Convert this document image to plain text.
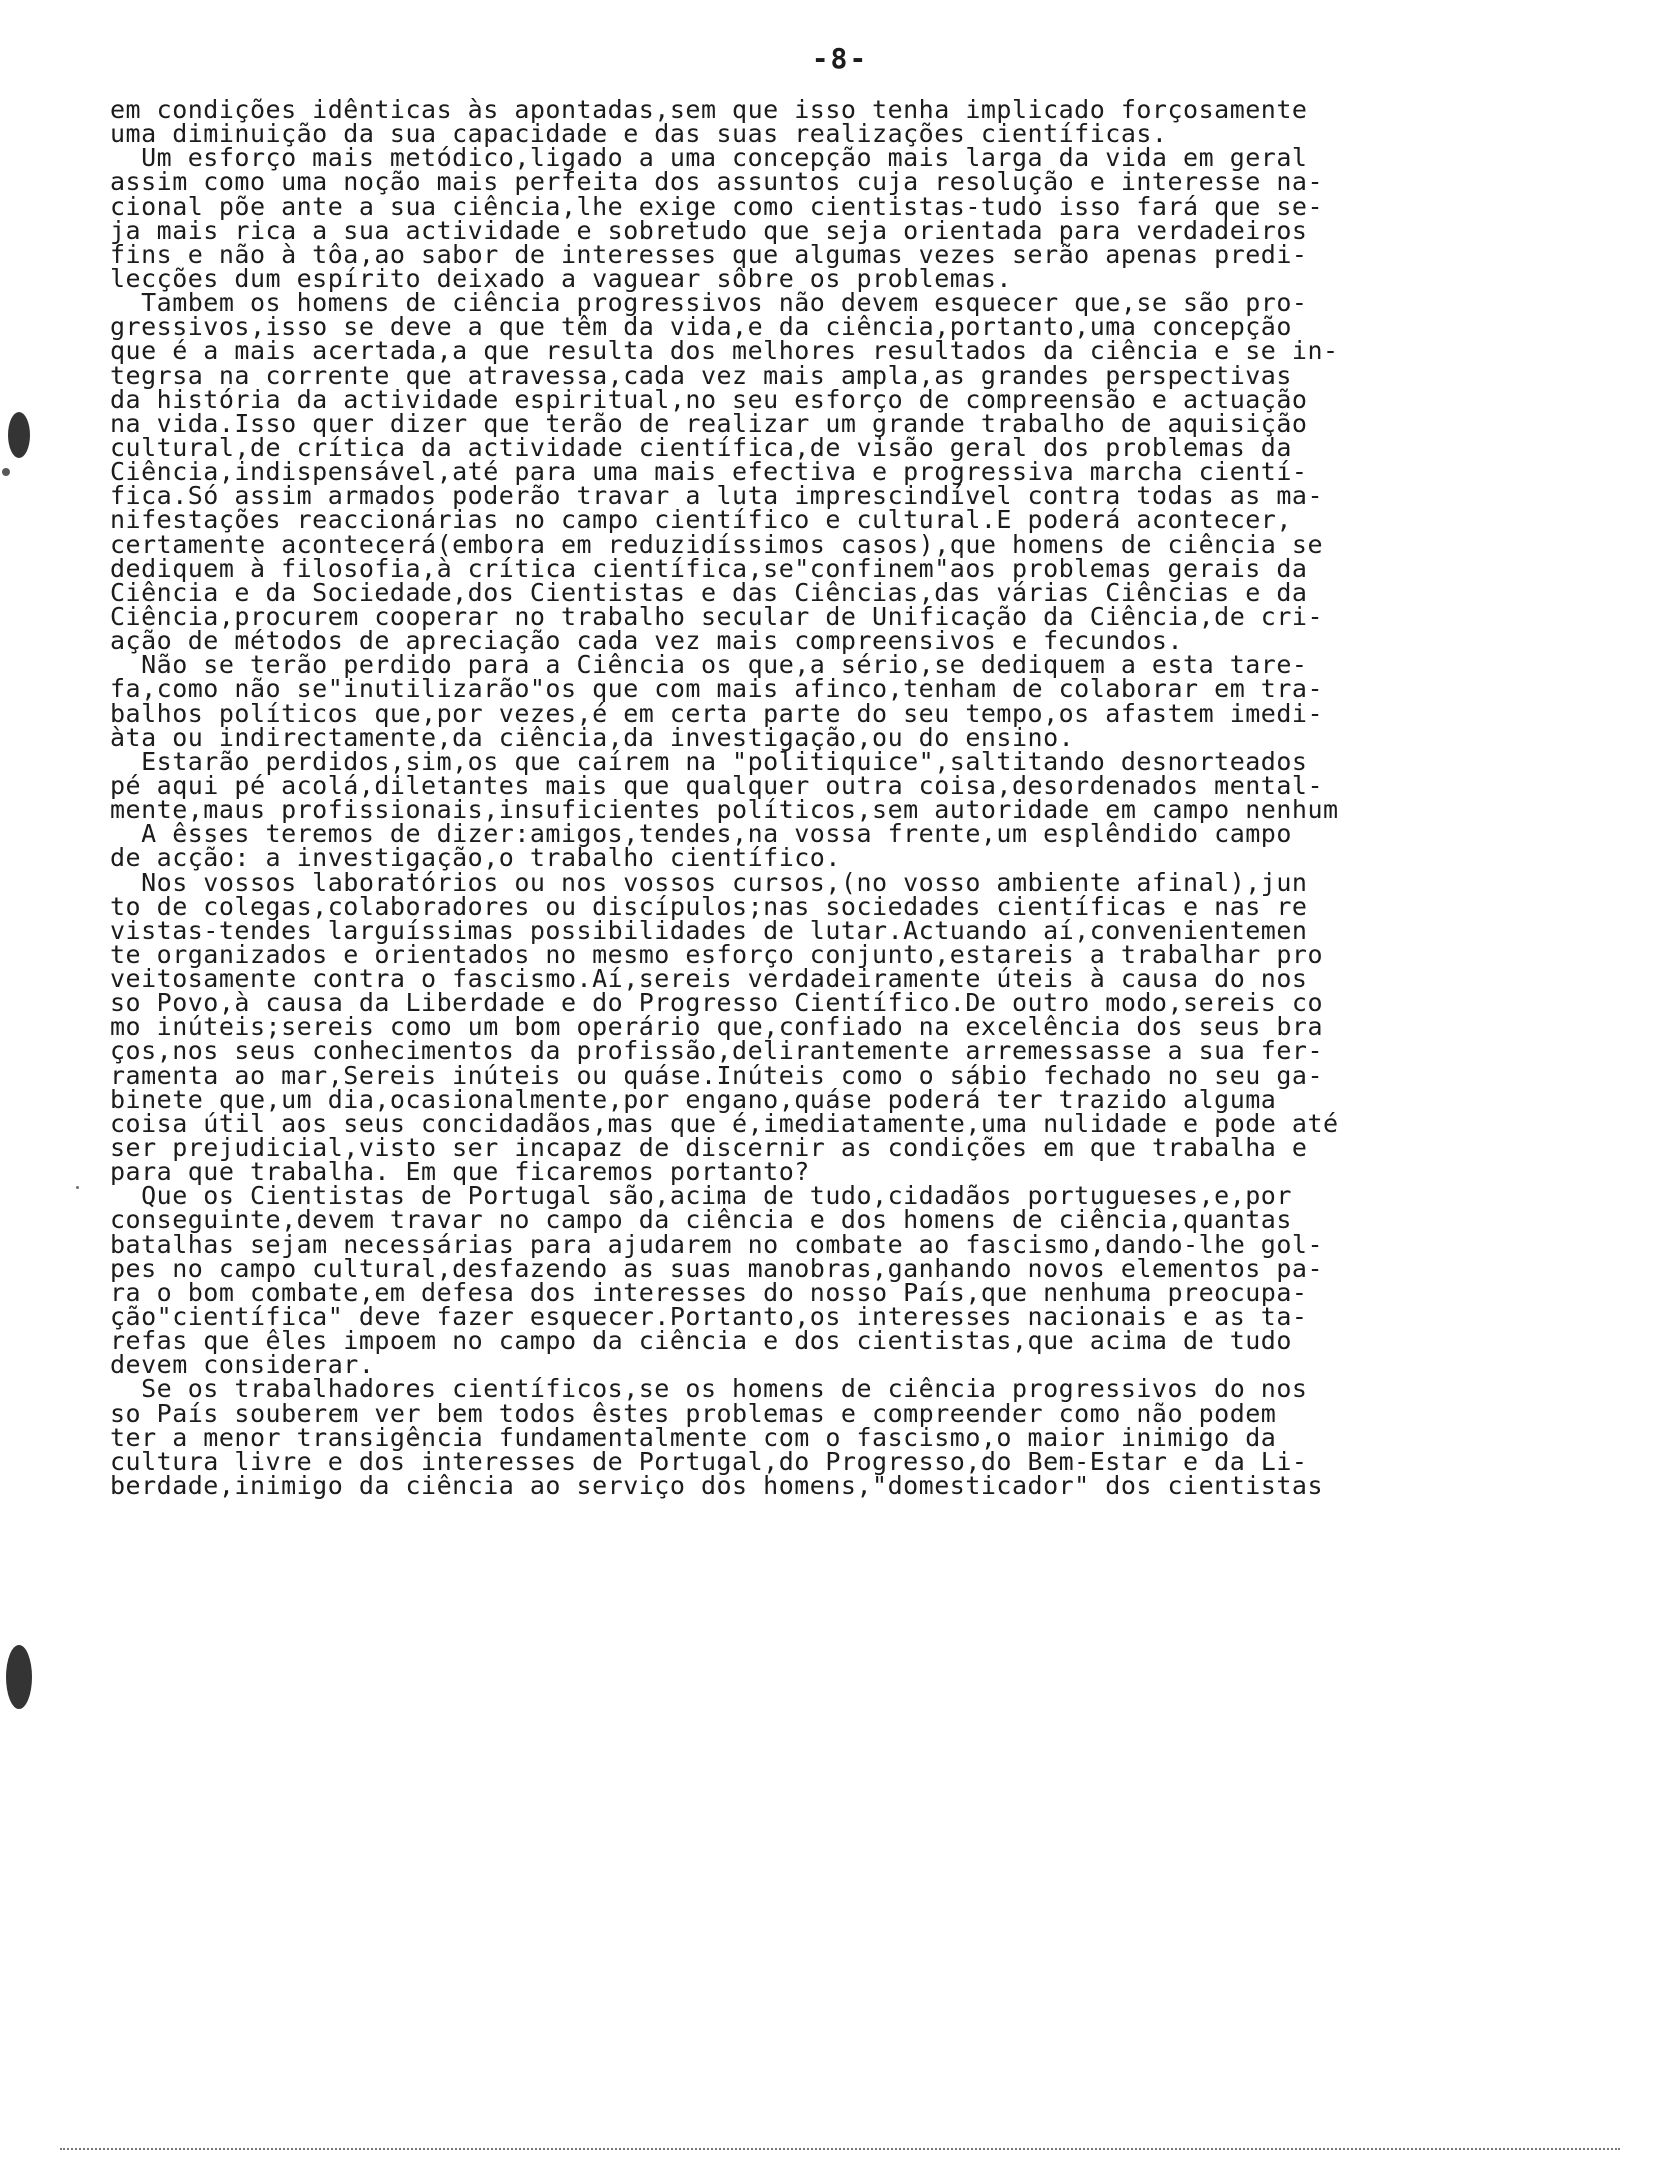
-8-
em condições idênticas às apontadas,sem que isso tenha implicado forçosamente
uma diminuição da sua capacidade e das suas realizações científicas.
Um esforço mais metódico,ligado a uma concepção mais larga da vida em geral
assim como uma noção mais perfeita dos assuntos cuja resolução e interesse na-
cional põe ante a sua ciência,lhe exige como cientistas-tudo isso fará que se-
ja mais rica a sua actividade e sobretudo que seja orientada para verdadeiros
fins e não à tôa,ao sabor de interesses que algumas vezes serão apenas predi-
lecções dum espírito deixado a vaguear sôbre os problemas.
Tambem os homens de ciência progressivos não devem esquecer que,se são pro-
gressivos,isso se deve a que têm da vida,e da ciência,portanto,uma concepção
que é a mais acertada,a que resulta dos melhores resultados da ciência e se in-
tegrsa na corrente que atravessa,cada vez mais ampla,as grandes perspectivas
da história da actividade espiritual,no seu esforço de compreensão e actuação
na vida.Isso quer dizer que terão de realizar um grande trabalho de aquisição
cultural,de crítica da actividade científica,de visão geral dos problemas da
Ciência,indispensável,até para uma mais efectiva e progressiva marcha cientí-
fica.Só assim armados poderão travar a luta imprescindível contra todas as ma-
nifestações reaccionárias no campo científico e cultural.E poderá acontecer,
certamente acontecerá(embora em reduzidíssimos casos),que homens de ciência se
dediquem à filosofia,à crítica científica,se"confinem"aos problemas gerais da
Ciência e da Sociedade,dos Cientistas e das Ciências,das várias Ciências e da
Ciência,procurem cooperar no trabalho secular de Unificação da Ciência,de cri-
ação de métodos de apreciação cada vez mais compreensivos e fecundos.
Não se terão perdido para a Ciência os que,a sério,se dediquem a esta tare-
fa,como não se"inutilizarão"os que com mais afinco,tenham de colaborar em tra-
balhos políticos que,por vezes,é em certa parte do seu tempo,os afastem imedi-
àta ou indirectamente,da ciência,da investigação,ou do ensino.
Estarão perdidos,sim,os que caírem na "politiquice",saltitando desnorteados
pé aqui pé acolá,diletantes mais que qualquer outra coisa,desordenados mental-
mente,maus profissionais,insuficientes políticos,sem autoridade em campo nenhum
A êsses teremos de dizer:amigos,tendes,na vossa frente,um esplêndido campo
de acção: a investigação,o trabalho científico.
Nos vossos laboratórios ou nos vossos cursos,(no vosso ambiente afinal),jun
to de colegas,colaboradores ou discípulos;nas sociedades científicas e nas re
vistas-tendes larguíssimas possibilidades de lutar.Actuando aí,convenientemen
te organizados e orientados no mesmo esforço conjunto,estareis a trabalhar pro
veitosamente contra o fascismo.Aí,sereis verdadeiramente úteis à causa do nos
so Povo,à causa da Liberdade e do Progresso Científico.De outro modo,sereis co
mo inúteis;sereis como um bom operário que,confiado na excelência dos seus bra
ços,nos seus conhecimentos da profissão,delirantemente arremessasse a sua fer-
ramenta ao mar,Sereis inúteis ou quáse.Inúteis como o sábio fechado no seu ga-
binete que,um dia,ocasionalmente,por engano,quáse poderá ter trazido alguma
coisa útil aos seus concidadãos,mas que é,imediatamente,uma nulidade e pode até
ser prejudicial,visto ser incapaz de discernir as condições em que trabalha e
para que trabalha. Em que ficaremos portanto?
Que os Cientistas de Portugal são,acima de tudo,cidadãos portugueses,e,por
conseguinte,devem travar no campo da ciência e dos homens de ciência,quantas
batalhas sejam necessárias para ajudarem no combate ao fascismo,dando-lhe gol-
pes no campo cultural,desfazendo as suas manobras,ganhando novos elementos pa-
ra o bom combate,em defesa dos interesses do nosso País,que nenhuma preocupa-
ção"científica" deve fazer esquecer.Portanto,os interesses nacionais e as ta-
refas que êles impoem no campo da ciência e dos cientistas,que acima de tudo
devem considerar.
Se os trabalhadores científicos,se os homens de ciência progressivos do nos
so País souberem ver bem todos êstes problemas e compreender como não podem
ter a menor transigência fundamentalmente com o fascismo,o maior inimigo da
cultura livre e dos interesses de Portugal,do Progresso,do Bem-Estar e da Li-
berdade,inimigo da ciência ao serviço dos homens,"domesticador" dos cientistas
